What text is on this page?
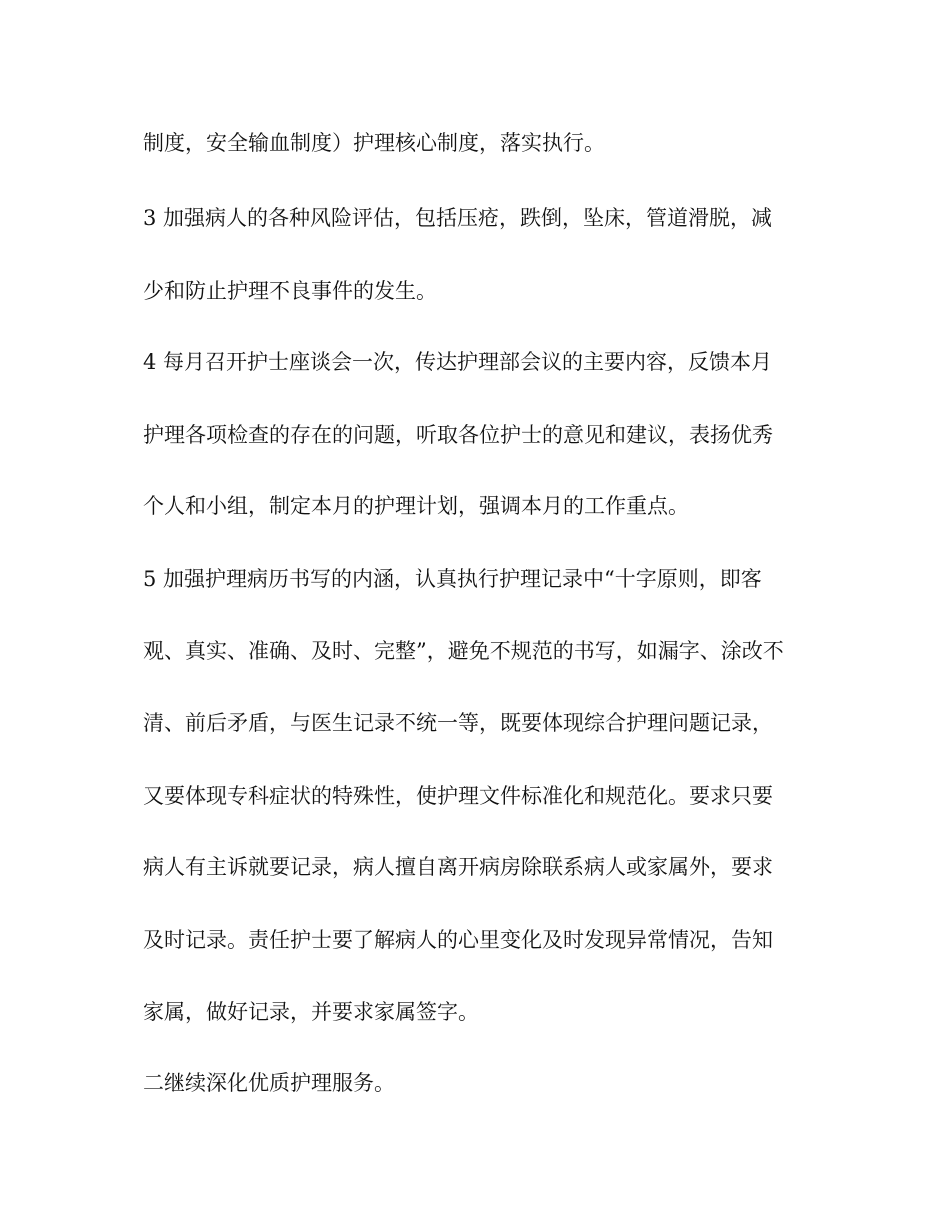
制度，安全输血制度）护理核心制度，落实执行。
3 加强病人的各种风险评估，包括压疮，跌倒，坠床，管道滑脱，减
少和防止护理不良事件的发生。
4 每月召开护士座谈会一次，传达护理部会议的主要内容，反馈本月
护理各项检查的存在的问题，听取各位护士的意见和建议，表扬优秀
个人和小组，制定本月的护理计划，强调本月的工作重点。
5 加强护理病历书写的内涵，认真执行护理记录中“十字原则，即客
观、真实、准确、及时、完整”，避免不规范的书写，如漏字、涂改不
清、前后矛盾，与医生记录不统一等，既要体现综合护理问题记录，
又要体现专科症状的特殊性，使护理文件标准化和规范化。要求只要
病人有主诉就要记录，病人擅自离开病房除联系病人或家属外，要求
及时记录。责任护士要了解病人的心里变化及时发现异常情况，告知
家属，做好记录，并要求家属签字。
二继续深化优质护理服务。
